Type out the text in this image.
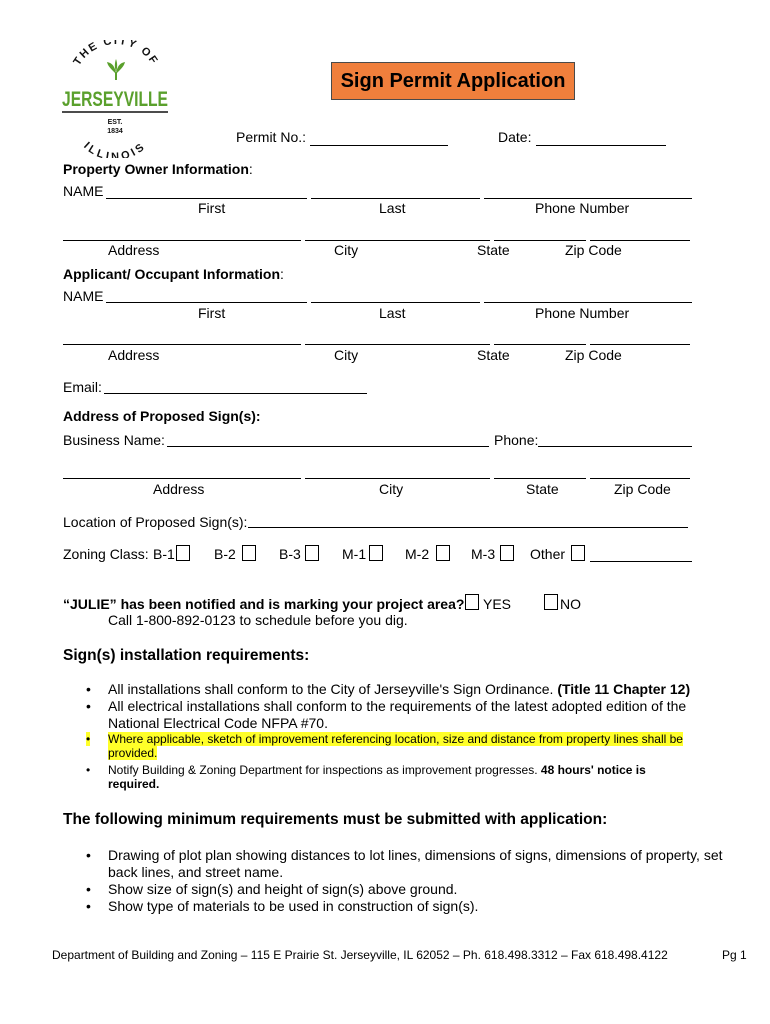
THE CITY OF
JERSEYVILLE
EST.
1834
ILLINOIS
Sign Permit Application
Permit No.:	Date:
Property Owner Information:
NAME
First	Last	Phone Number
Address	City	State	Zip Code
Applicant/ Occupant Information:
NAME
First	Last	Phone Number
Address	City	State	Zip Code
Email:
Address of Proposed Sign(s):
Business Name:	Phone:
Address	City	State	Zip Code
Location of Proposed Sign(s):
Zoning Class: B-1	B-2	B-3	M-1	M-2	M-3 Other
“JULIE” has been notified and is marking your project area? YES	NO
Call 1-800-892-0123 to schedule before you dig.
Sign(s) installation requirements:
• All installations shall conform to the City of Jerseyville's Sign Ordinance. (Title 11 Chapter 12)
• All electrical installations shall conform to the requirements of the latest adopted edition of the
National Electrical Code NFPA #70.
• Where applicable, sketch of improvement referencing location, size and distance from property lines shall be
provided.
• Notify Building & Zoning Department for inspections as improvement progresses. 48 hours' notice is
required.
The following minimum requirements must be submitted with application:
• Drawing of plot plan showing distances to lot lines, dimensions of signs, dimensions of property, set
back lines, and street name.
• Show size of sign(s) and height of sign(s) above ground.
• Show type of materials to be used in construction of sign(s).
Department of Building and Zoning – 115 E Prairie St. Jerseyville, IL 62052 – Ph. 618.498.3312 – Fax 618.498.4122	Pg 1
